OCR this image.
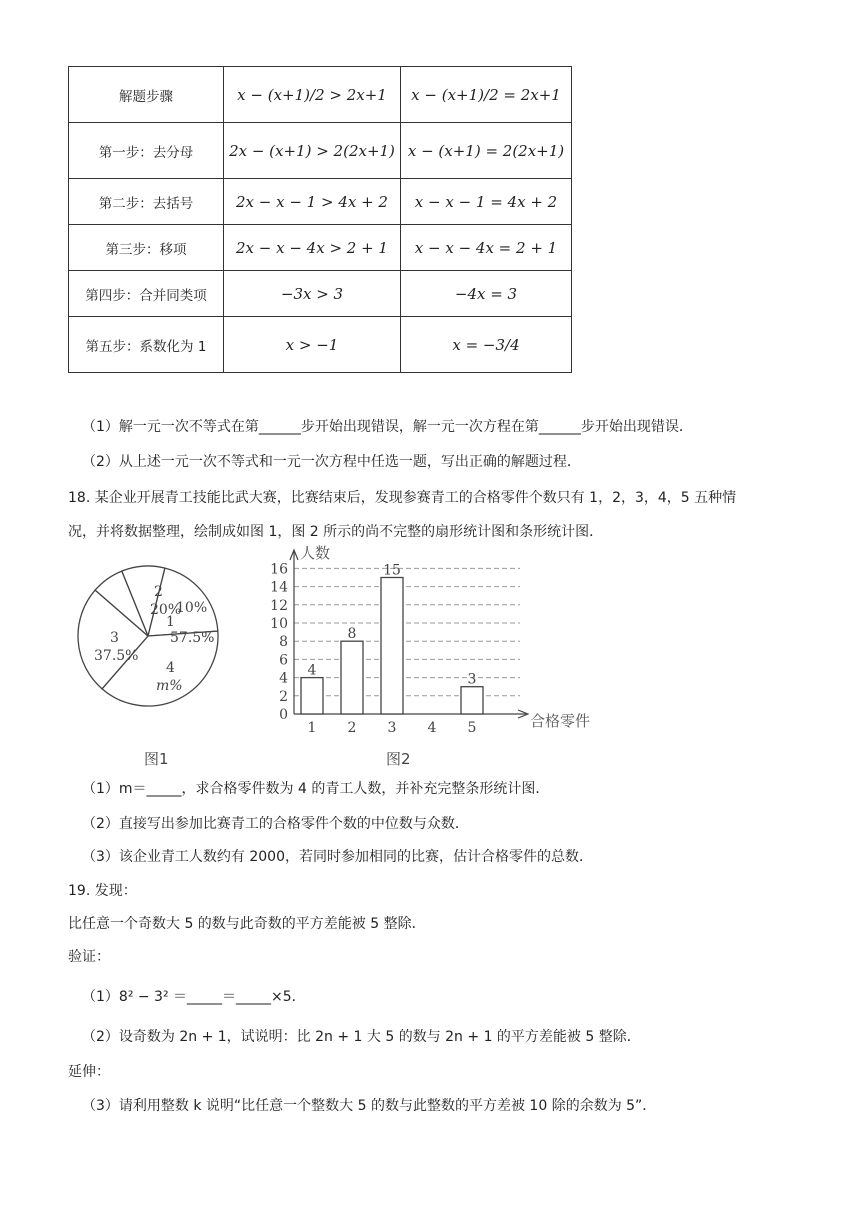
解题步骤	x − (x+1)/2 > 2x+1	x − (x+1)/2 = 2x+1
第一步：去分母	2x − (x+1) > 2(2x+1)	x − (x+1) = 2(2x+1)
第二步：去括号	2x − x − 1 > 4x + 2	x − x − 1 = 4x + 2
第三步：移项	2x − x − 4x > 2 + 1	x − x − 4x = 2 + 1
第四步：合并同类项	−3x > 3	−4x = 3
第五步：系数化为 1	x > −1	x = −3/4
（1）解一元一次不等式在第______步开始出现错误，解一元一次方程在第______步开始出现错误．
（2）从上述一元一次不等式和一元一次方程中任选一题，写出正确的解题过程．
18. 某企业开展青工技能比武大赛，比赛结束后，发现参赛青工的合格零件个数只有 1，2，3，4，5 五种情
况，并将数据整理，绘制成如图 1，图 2 所示的尚不完整的扇形统计图和条形统计图．
2
20%
3
37.5%
4
m%
1
10%
57.5%
图1
0
2
4
6
8
10
12
14
16
人数
合格零件
1
4
2
8
3
15
4 5
3
图2
（1）m＝_____，求合格零件数为 4 的青工人数，并补充完整条形统计图．
（2）直接写出参加比赛青工的合格零件个数的中位数与众数．
（3）该企业青工人数约有 2000，若同时参加相同的比赛，估计合格零件的总数．
19. 发现：
比任意一个奇数大 5 的数与此奇数的平方差能被 5 整除．
验证：
（1）8² − 3² ＝_____＝_____×5．
（2）设奇数为 2n + 1，试说明：比 2n + 1 大 5 的数与 2n + 1 的平方差能被 5 整除．
延伸：
（3）请利用整数 k 说明“比任意一个整数大 5 的数与此整数的平方差被 10 除的余数为 5”．
